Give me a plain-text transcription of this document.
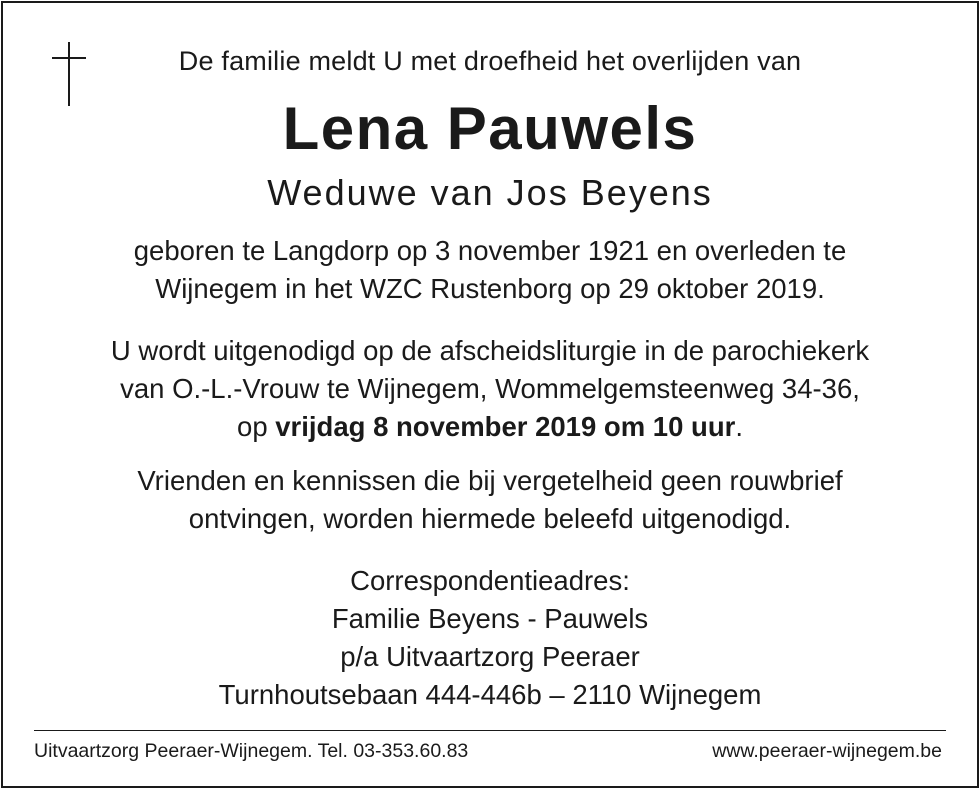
De familie meldt U met droefheid het overlijden van
Lena Pauwels
Weduwe van Jos Beyens
geboren te Langdorp op 3 november 1921 en overleden te
Wijnegem in het WZC Rustenborg op 29 oktober 2019.
U wordt uitgenodigd op de afscheidsliturgie in de parochiekerk
van O.-L.-Vrouw te Wijnegem, Wommelgemsteenweg 34-36,
op vrijdag 8 november 2019 om 10 uur.
Vrienden en kennissen die bij vergetelheid geen rouwbrief
ontvingen, worden hiermede beleefd uitgenodigd.
Correspondentieadres:
Familie Beyens - Pauwels
p/a Uitvaartzorg Peeraer
Turnhoutsebaan 444-446b – 2110 Wijnegem
Uitvaartzorg Peeraer-Wijnegem. Tel. 03-353.60.83	www.peeraer-wijnegem.be
